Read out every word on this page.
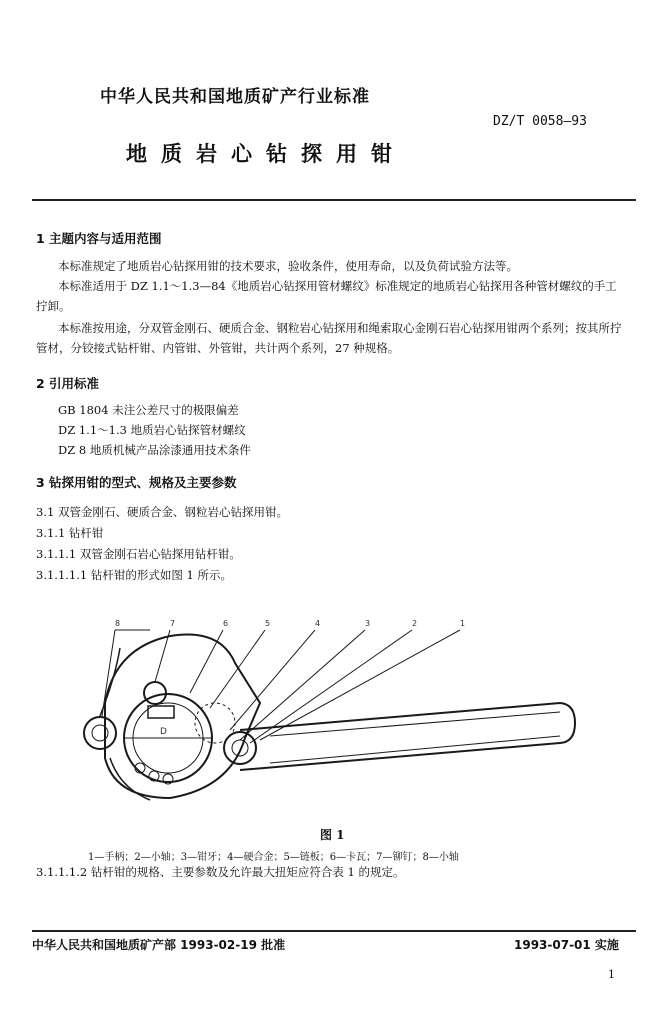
中华人民共和国地质矿产行业标准
DZ/T 0058—93
地质岩心钻探用钳
1 主题内容与适用范围
本标准规定了地质岩心钻探用钳的技术要求，验收条件，使用寿命，以及负荷试验方法等。
本标准适用于 DZ 1.1～1.3—84《地质岩心钻探用管材螺纹》标准规定的地质岩心钻探用各种管材螺纹的手工拧卸。
本标准按用途，分双管金刚石、硬质合金、钢粒岩心钻探用和绳索取心金刚石岩心钻探用钳两个系列；按其所拧管材，分铰接式钻杆钳、内管钳、外管钳，共计两个系列，27 种规格。
2 引用标准
GB 1804 未注公差尺寸的极限偏差
DZ 1.1～1.3 地质岩心钻探管材螺纹
DZ 8 地质机械产品涂漆通用技术条件
3 钻探用钳的型式、规格及主要参数
3.1 双管金刚石、硬质合金、钢粒岩心钻探用钳。
3.1.1 钻杆钳
3.1.1.1 双管金刚石岩心钻探用钻杆钳。
3.1.1.1.1 钻杆钳的形式如图 1 所示。
8	7	6	5	4	3	2	1
D
图 1
1—手柄；2—小轴；3—钳牙；4—硬合金；5—链板；6—卡瓦；7—铆钉；8—小轴
3.1.1.1.2 钻杆钳的规格、主要参数及允许最大扭矩应符合表 1 的规定。
中华人民共和国地质矿产部 1993-02-19 批准	1993-07-01 实施
1
